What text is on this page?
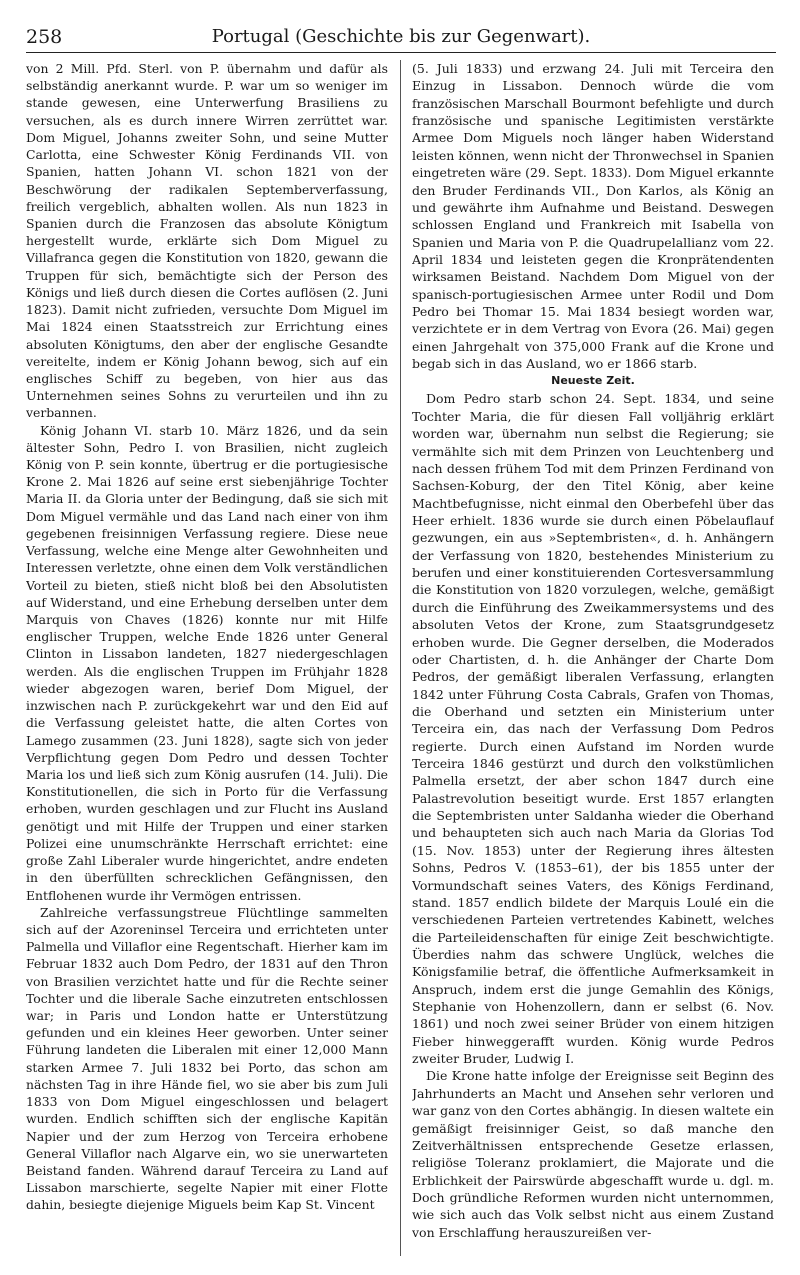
258	Portugal (Geschichte bis zur Gegenwart).

von 2 Mill. Pfd. Sterl. von P. übernahm und dafür als selbständig anerkannt wurde. P. war um so weniger im stande gewesen, eine Unterwerfung Brasiliens zu versuchen, als es durch innere Wirren zerrüttet war. Dom Miguel, Johanns zweiter Sohn, und seine Mutter Carlotta, eine Schwester König Ferdinands VII. von Spanien, hatten Johann VI. schon 1821 von der Beschwörung der radikalen Septemberverfassung, freilich vergeblich, abhalten wollen. Als nun 1823 in Spanien durch die Franzosen das absolute Königtum hergestellt wurde, erklärte sich Dom Miguel zu Villafranca gegen die Konstitution von 1820, gewann die Truppen für sich, bemächtigte sich der Person des Königs und ließ durch diesen die Cortes auflösen (2. Juni 1823). Damit nicht zufrieden, versuchte Dom Miguel im Mai 1824 einen Staatsstreich zur Errichtung eines absoluten Königtums, den aber der englische Gesandte vereitelte, indem er König Johann bewog, sich auf ein englisches Schiff zu begeben, von hier aus das Unternehmen seines Sohns zu verurteilen und ihn zu verbannen.

König Johann VI. starb 10. März 1826, und da sein ältester Sohn, Pedro I. von Brasilien, nicht zugleich König von P. sein konnte, übertrug er die portugiesische Krone 2. Mai 1826 auf seine erst siebenjährige Tochter Maria II. da Gloria unter der Bedingung, daß sie sich mit Dom Miguel vermähle und das Land nach einer von ihm gegebenen freisinnigen Verfassung regiere. Diese neue Verfassung, welche eine Menge alter Gewohnheiten und Interessen verletzte, ohne einen dem Volk verständlichen Vorteil zu bieten, stieß nicht bloß bei den Absolutisten auf Widerstand, und eine Erhebung derselben unter dem Marquis von Chaves (1826) konnte nur mit Hilfe englischer Truppen, welche Ende 1826 unter General Clinton in Lissabon landeten, 1827 niedergeschlagen werden. Als die englischen Truppen im Frühjahr 1828 wieder abgezogen waren, berief Dom Miguel, der inzwischen nach P. zurückgekehrt war und den Eid auf die Verfassung geleistet hatte, die alten Cortes von Lamego zusammen (23. Juni 1828), sagte sich von jeder Verpflichtung gegen Dom Pedro und dessen Tochter Maria los und ließ sich zum König ausrufen (14. Juli). Die Konstitutionellen, die sich in Porto für die Verfassung erhoben, wurden geschlagen und zur Flucht ins Ausland genötigt und mit Hilfe der Truppen und einer starken Polizei eine unumschränkte Herrschaft errichtet: eine große Zahl Liberaler wurde hingerichtet, andre endeten in den überfüllten schrecklichen Gefängnissen, den Entflohenen wurde ihr Vermögen entrissen.

Zahlreiche verfassungstreue Flüchtlinge sammelten sich auf der Azoreninsel Terceira und errichteten unter Palmella und Villaflor eine Regentschaft. Hierher kam im Februar 1832 auch Dom Pedro, der 1831 auf den Thron von Brasilien verzichtet hatte und für die Rechte seiner Tochter und die liberale Sache einzutreten entschlossen war; in Paris und London hatte er Unterstützung gefunden und ein kleines Heer geworben. Unter seiner Führung landeten die Liberalen mit einer 12,000 Mann starken Armee 7. Juli 1832 bei Porto, das schon am nächsten Tag in ihre Hände fiel, wo sie aber bis zum Juli 1833 von Dom Miguel eingeschlossen und belagert wurden. Endlich schifften sich der englische Kapitän Napier und der zum Herzog von Terceira erhobene General Villaflor nach Algarve ein, wo sie unerwarteten Beistand fanden. Während darauf Terceira zu Land auf Lissabon marschierte, segelte Napier mit einer Flotte dahin, besiegte diejenige Miguels beim Kap St. Vincent

(5. Juli 1833) und erzwang 24. Juli mit Terceira den Einzug in Lissabon. Dennoch würde die vom französischen Marschall Bourmont befehligte und durch französische und spanische Legitimisten verstärkte Armee Dom Miguels noch länger haben Widerstand leisten können, wenn nicht der Thronwechsel in Spanien eingetreten wäre (29. Sept. 1833). Dom Miguel erkannte den Bruder Ferdinands VII., Don Karlos, als König an und gewährte ihm Aufnahme und Beistand. Deswegen schlossen England und Frankreich mit Isabella von Spanien und Maria von P. die Quadrupelallianz vom 22. April 1834 und leisteten gegen die Kronprätendenten wirksamen Beistand. Nachdem Dom Miguel von der spanisch-portugiesischen Armee unter Rodil und Dom Pedro bei Thomar 15. Mai 1834 besiegt worden war, verzichtete er in dem Vertrag von Evora (26. Mai) gegen einen Jahrgehalt von 375,000 Frank auf die Krone und begab sich in das Ausland, wo er 1866 starb.

Neueste Zeit.

Dom Pedro starb schon 24. Sept. 1834, und seine Tochter Maria, die für diesen Fall volljährig erklärt worden war, übernahm nun selbst die Regierung; sie vermählte sich mit dem Prinzen von Leuchtenberg und nach dessen frühem Tod mit dem Prinzen Ferdinand von Sachsen-Koburg, der den Titel König, aber keine Machtbefugnisse, nicht einmal den Oberbefehl über das Heer erhielt. 1836 wurde sie durch einen Pöbelauflauf gezwungen, ein aus »Septembristen«, d. h. Anhängern der Verfassung von 1820, bestehendes Ministerium zu berufen und einer konstituierenden Cortesversammlung die Konstitution von 1820 vorzulegen, welche, gemäßigt durch die Einführung des Zweikammersystems und des absoluten Vetos der Krone, zum Staatsgrundgesetz erhoben wurde. Die Gegner derselben, die Moderados oder Chartisten, d. h. die Anhänger der Charte Dom Pedros, der gemäßigt liberalen Verfassung, erlangten 1842 unter Führung Costa Cabrals, Grafen von Thomas, die Oberhand und setzten ein Ministerium unter Terceira ein, das nach der Verfassung Dom Pedros regierte. Durch einen Aufstand im Norden wurde Terceira 1846 gestürzt und durch den volkstümlichen Palmella ersetzt, der aber schon 1847 durch eine Palastrevolution beseitigt wurde. Erst 1857 erlangten die Septembristen unter Saldanha wieder die Oberhand und behaupteten sich auch nach Maria da Glorias Tod (15. Nov. 1853) unter der Regierung ihres ältesten Sohns, Pedros V. (1853–61), der bis 1855 unter der Vormundschaft seines Vaters, des Königs Ferdinand, stand. 1857 endlich bildete der Marquis Loulé ein die verschiedenen Parteien vertretendes Kabinett, welches die Parteileidenschaften für einige Zeit beschwichtigte. Überdies nahm das schwere Unglück, welches die Königsfamilie betraf, die öffentliche Aufmerksamkeit in Anspruch, indem erst die junge Gemahlin des Königs, Stephanie von Hohenzollern, dann er selbst (6. Nov. 1861) und noch zwei seiner Brüder von einem hitzigen Fieber hinweggerafft wurden. König wurde Pedros zweiter Bruder, Ludwig I.

Die Krone hatte infolge der Ereignisse seit Beginn des Jahrhunderts an Macht und Ansehen sehr verloren und war ganz von den Cortes abhängig. In diesen waltete ein gemäßigt freisinniger Geist, so daß manche den Zeitverhältnissen entsprechende Gesetze erlassen, religiöse Toleranz proklamiert, die Majorate und die Erblichkeit der Pairswürde abgeschafft wurde u. dgl. m. Doch gründliche Reformen wurden nicht unternommen, wie sich auch das Volk selbst nicht aus einem Zustand von Erschlaffung herauszureißen ver-
